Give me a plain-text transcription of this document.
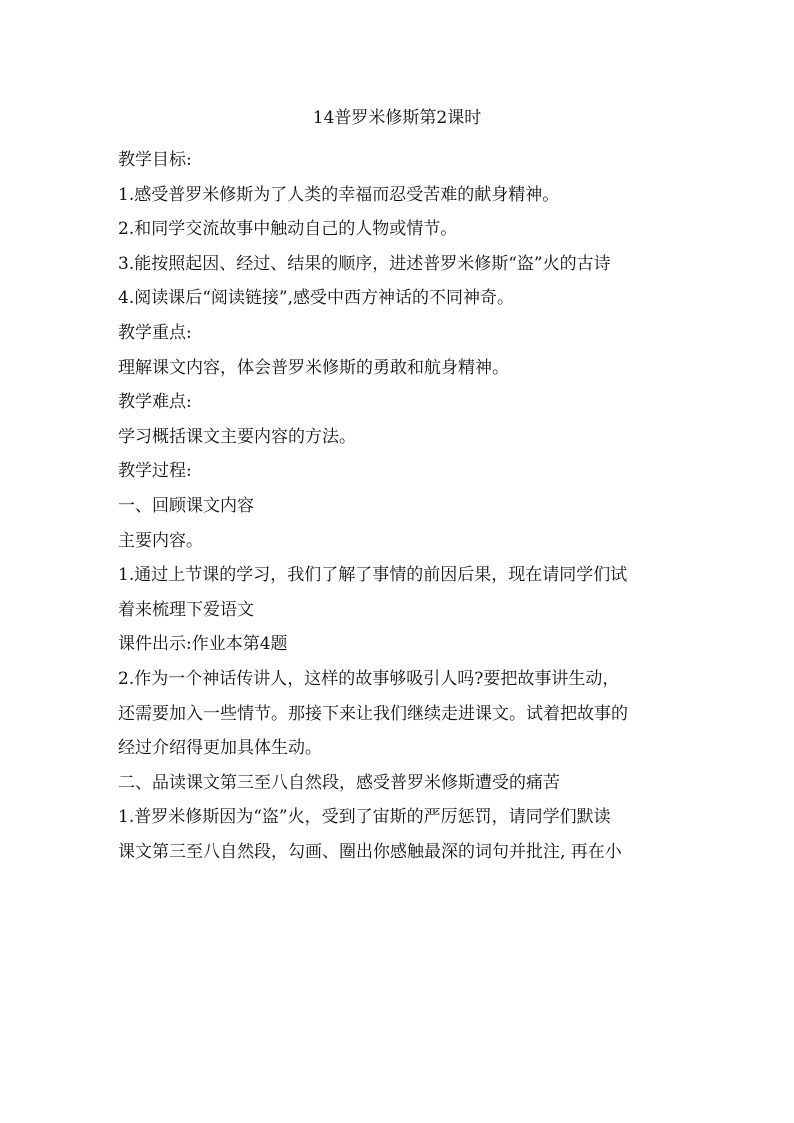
14普罗米修斯第2课时
教学目标:
1.感受普罗米修斯为了人类的幸福而忍受苦难的献身精神。
2.和同学交流故事中触动自己的人物或情节。
3.能按照起因、经过、结果的顺序，进述普罗米修斯“盗”火的古诗
4.阅读课后“阅读链接”,感受中西方神话的不同神奇。
教学重点:
理解课文内容，体会普罗米修斯的勇敢和航身精神。
教学难点:
学习概括课文主要内容的方法。
教学过程:
一、回顾课文内容
主要内容。
1.通过上节课的学习，我们了解了事情的前因后果，现在请同学们试
着来梳理下爱语文
课件出示:作业本第4题
2.作为一个神话传讲人，这样的故事够吸引人吗?要把故事讲生动，
还需要加入一些情节。那接下来让我们继续走进课文。试着把故事的
经过介绍得更加具体生动。
二、品读课文第三至八自然段，感受普罗米修斯遭受的痛苦
1.普罗米修斯因为“盗”火，受到了宙斯的严厉惩罚，请同学们默读
课文第三至八自然段，勾画、圈出你感触最深的词句并批注, 再在小
